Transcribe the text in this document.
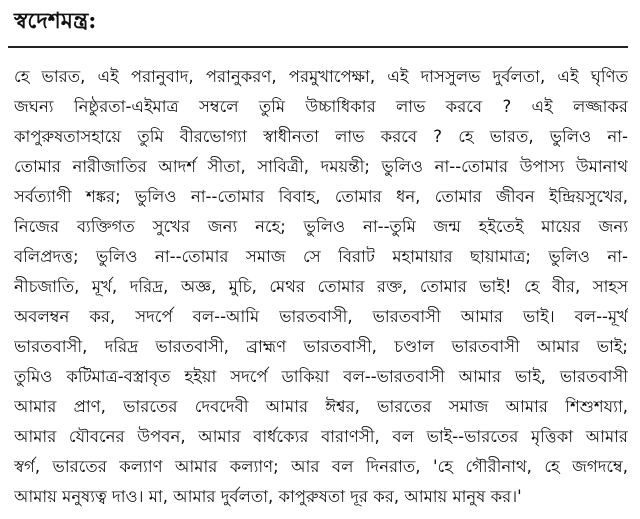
স্বদেশমন্ত্র:
হে ভারত, এই পরানুবাদ, পরানুকরণ, পরমুখাপেক্ষা, এই দাসসুলভ দুর্বলতা, এই ঘৃণিত
জঘন্য নিষ্ঠুরতা-এইমাত্র সম্বলে তুমি উচ্চাধিকার লাভ করবে ? এই লজ্জাকর
কাপুরুষতাসহায়ে তুমি বীরভোগ্যা স্বাধীনতা লাভ করবে ? হে ভারত, ভুলিও না-
তোমার নারীজাতির আদর্শ সীতা, সাবিত্রী, দময়ন্তী; ভুলিও না--তোমার উপাস্য উমানাথ
সর্বত্যাগী শঙ্কর; ভুলিও না--তোমার বিবাহ, তোমার ধন, তোমার জীবন ইন্দ্রিয়সুখের,
নিজের ব্যক্তিগত সুখের জন্য নহে; ভুলিও না--তুমি জন্ম হইতেই মায়ের জন্য
বলিপ্রদত্ত; ভুলিও না--তোমার সমাজ সে বিরাট মহামায়ার ছায়ামাত্র; ভুলিও না-
নীচজাতি, মূর্খ, দরিদ্র, অজ্ঞ, মুচি, মেথর তোমার রক্ত, তোমার ভাই! হে বীর, সাহস
অবলম্বন কর, সদর্পে বল--আমি ভারতবাসী, ভারতবাসী আমার ভাই। বল--মূর্খ
ভারতবাসী, দরিদ্র ভারতবাসী, ব্রাহ্মণ ভারতবাসী, চণ্ডাল ভারতবাসী আমার ভাই;
তুমিও কটিমাত্র-বস্ত্রাবৃত হইয়া সদর্পে ডাকিয়া বল--ভারতবাসী আমার ভাই, ভারতবাসী
আমার প্রাণ, ভারতের দেবদেবী আমার ঈশ্বর, ভারতের সমাজ আমার শিশুশয্যা,
আমার যৌবনের উপবন, আমার বার্ধক্যের বারাণসী, বল ভাই--ভারতের মৃত্তিকা আমার
স্বর্গ, ভারতের কল্যাণ আমার কল্যাণ; আর বল দিনরাত, 'হে গৌরীনাথ, হে জগদম্বে,
আমায় মনুষ্যত্ব দাও। মা, আমার দুর্বলতা, কাপুরুষতা দূর কর, আমায় মানুষ কর।'
